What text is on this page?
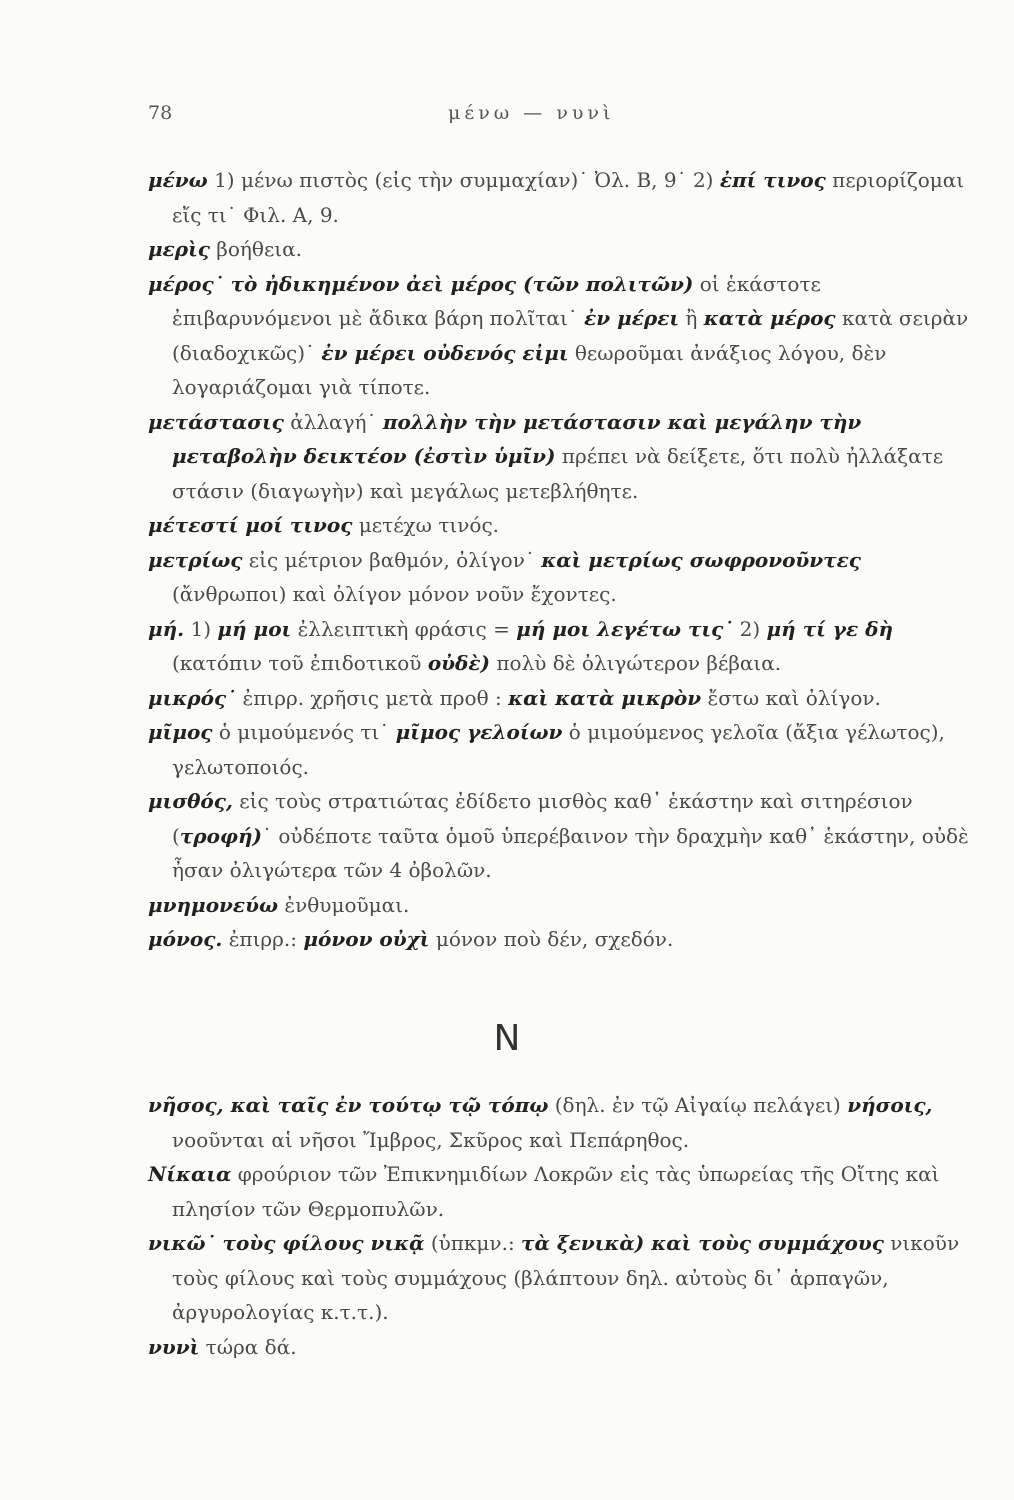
78	μένω — νυνὶ

μένω 1) μένω πιστὸς (εἰς τὴν συμμαχίαν)˙ Ὀλ. Β, 9˙ 2) ἐπί τινος περιορίζομαι εἴς τι˙ Φιλ. Α, 9.

μερὶς βοήθεια.

μέρος˙ τὸ ἠδικημένον ἀεὶ μέρος (τῶν πολιτῶν) οἱ ἑκάστοτε ἐπιβαρυνόμενοι μὲ ἄδικα βάρη πολῖται˙ ἐν μέρει ἢ κατὰ μέρος κατὰ σειρὰν (διαδοχικῶς)˙ ἐν μέρει οὐδενός εἰμι θεωροῦμαι ἀνάξιος λόγου, δὲν λογαριάζομαι γιὰ τίποτε.

μετάστασις ἀλλαγή˙ πολλὴν τὴν μετάστασιν καὶ μεγάλην τὴν μεταβολὴν δεικτέον (ἐστὶν ὑμῖν) πρέπει νὰ δείξετε, ὅτι πολὺ ἠλλάξατε στάσιν (διαγωγὴν) καὶ μεγάλως μετεβλήθητε.

μέτεστί μοί τινος μετέχω τινός.

μετρίως εἰς μέτριον βαθμόν, ὀλίγον˙ καὶ μετρίως σωφρονοῦντες (ἄνθρωποι) καὶ ὀλίγον μόνον νοῦν ἔχοντες.

μή. 1) μή μοι ἐλλειπτικὴ φράσις = μή μοι λεγέτω τις˙ 2) μή τί γε δὴ (κατόπιν τοῦ ἐπιδοτικοῦ οὐδὲ) πολὺ δὲ ὀλιγώτερον βέβαια.

μικρός˙ ἐπιρρ. χρῆσις μετὰ προθ : καὶ κατὰ μικρὸν ἔστω καὶ ὀλίγον.

μῖμος ὁ μιμούμενός τι˙ μῖμος γελοίων ὁ μιμούμενος γελοῖα (ἄξια γέλωτος), γελωτοποιός.

μισθός, εἰς τοὺς στρατιώτας ἐδίδετο μισθὸς καθ᾽ ἑκάστην καὶ σιτηρέσιον (τροφή)˙ οὐδέποτε ταῦτα ὁμοῦ ὑπερέβαινον τὴν δραχμὴν καθ᾽ ἑκάστην, οὐδὲ ἦσαν ὀλιγώτερα τῶν 4 ὀβολῶν.

μνημονεύω ἐνθυμοῦμαι.

μόνος. ἐπιρρ.: μόνον οὐχὶ μόνον ποὺ δέν, σχεδόν.

N

νῆσος, καὶ ταῖς ἐν τούτῳ τῷ τόπῳ (δηλ. ἐν τῷ Αἰγαίῳ πελάγει) νήσοις, νοοῦνται αἱ νῆσοι Ἴμβρος, Σκῦρος καὶ Πεπάρηθος.

Νίκαια φρούριον τῶν Ἐπικνημιδίων Λοκρῶν εἰς τὰς ὑπωρείας τῆς Οἴτης καὶ πλησίον τῶν Θερμοπυλῶν.

νικῶ˙ τοὺς φίλους νικᾷ (ὑπκμν.: τὰ ξενικὰ) καὶ τοὺς συμμάχους νικοῦν τοὺς φίλους καὶ τοὺς συμμάχους (βλάπτουν δηλ. αὐτοὺς δι᾽ ἁρπαγῶν, ἀργυρολογίας κ.τ.τ.).

νυνὶ τώρα δά.
